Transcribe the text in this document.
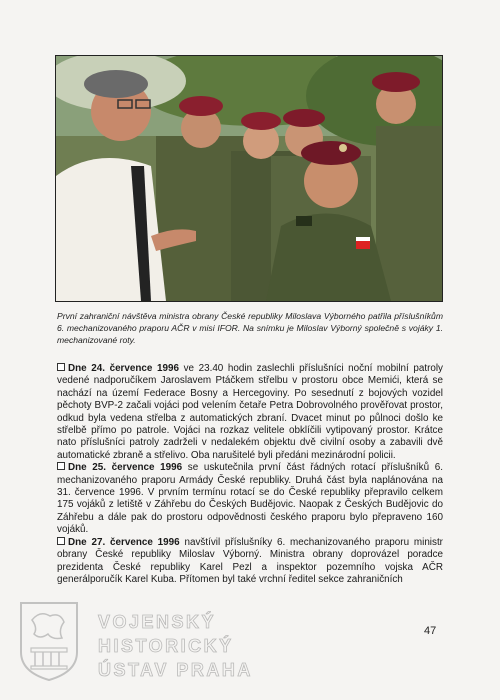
První zahraniční návštěva ministra obrany České republiky Miloslava Výborného patřila příslušníkům 6. mechanizovaného praporu AČR v misi IFOR. Na snímku je Miloslav Výborný společně s vojáky 1. mechanizované roty.

Dne 24. července 1996 ve 23.40 hodin zaslechli příslušníci noční mobilní patroly vedené nadporučíkem Jaroslavem Ptáčkem střelbu v prostoru obce Memići, která se nachází na území Federace Bosny a Hercegoviny. Po sesednutí z bojových vozidel pěchoty BVP-2 začali vojáci pod velením četaře Petra Dobrovolného prověřovat prostor, odkud byla vedena střelba z automatických zbraní. Dvacet minut po půlnoci došlo ke střelbě přímo po patrole. Vojáci na rozkaz velitele obklíčili vytipovaný prostor. Krátce nato příslušníci patroly zadrželi v nedalekém objektu dvě civilní osoby a zabavili dvě automatické zbraně a střelivo. Oba narušitelé byli předáni mezinárodní policii.

Dne 25. července 1996 se uskutečnila první část řádných rotací příslušníků 6. mechanizovaného praporu Armády České republiky. Druhá část byla naplánována na 31. července 1996. V prvním termínu rotací se do České republiky přepravilo celkem 175 vojáků z letiště v Záhřebu do Českých Budějovic. Naopak z Českých Budějovic do Záhřebu a dále pak do prostoru odpovědnosti českého praporu bylo přepraveno 160 vojáků.

Dne 27. července 1996 navštívil příslušníky 6. mechanizovaného praporu ministr obrany České republiky Miloslav Výborný. Ministra obrany doprovázel poradce prezidenta České republiky Karel Pezl a inspektor pozemního vojska AČR generálporučík Karel Kuba. Přítomen byl také vrchní ředitel sekce zahraničních

47
VOJENSKÝ
HISTORICKÝ
ÚSTAV PRAHA
